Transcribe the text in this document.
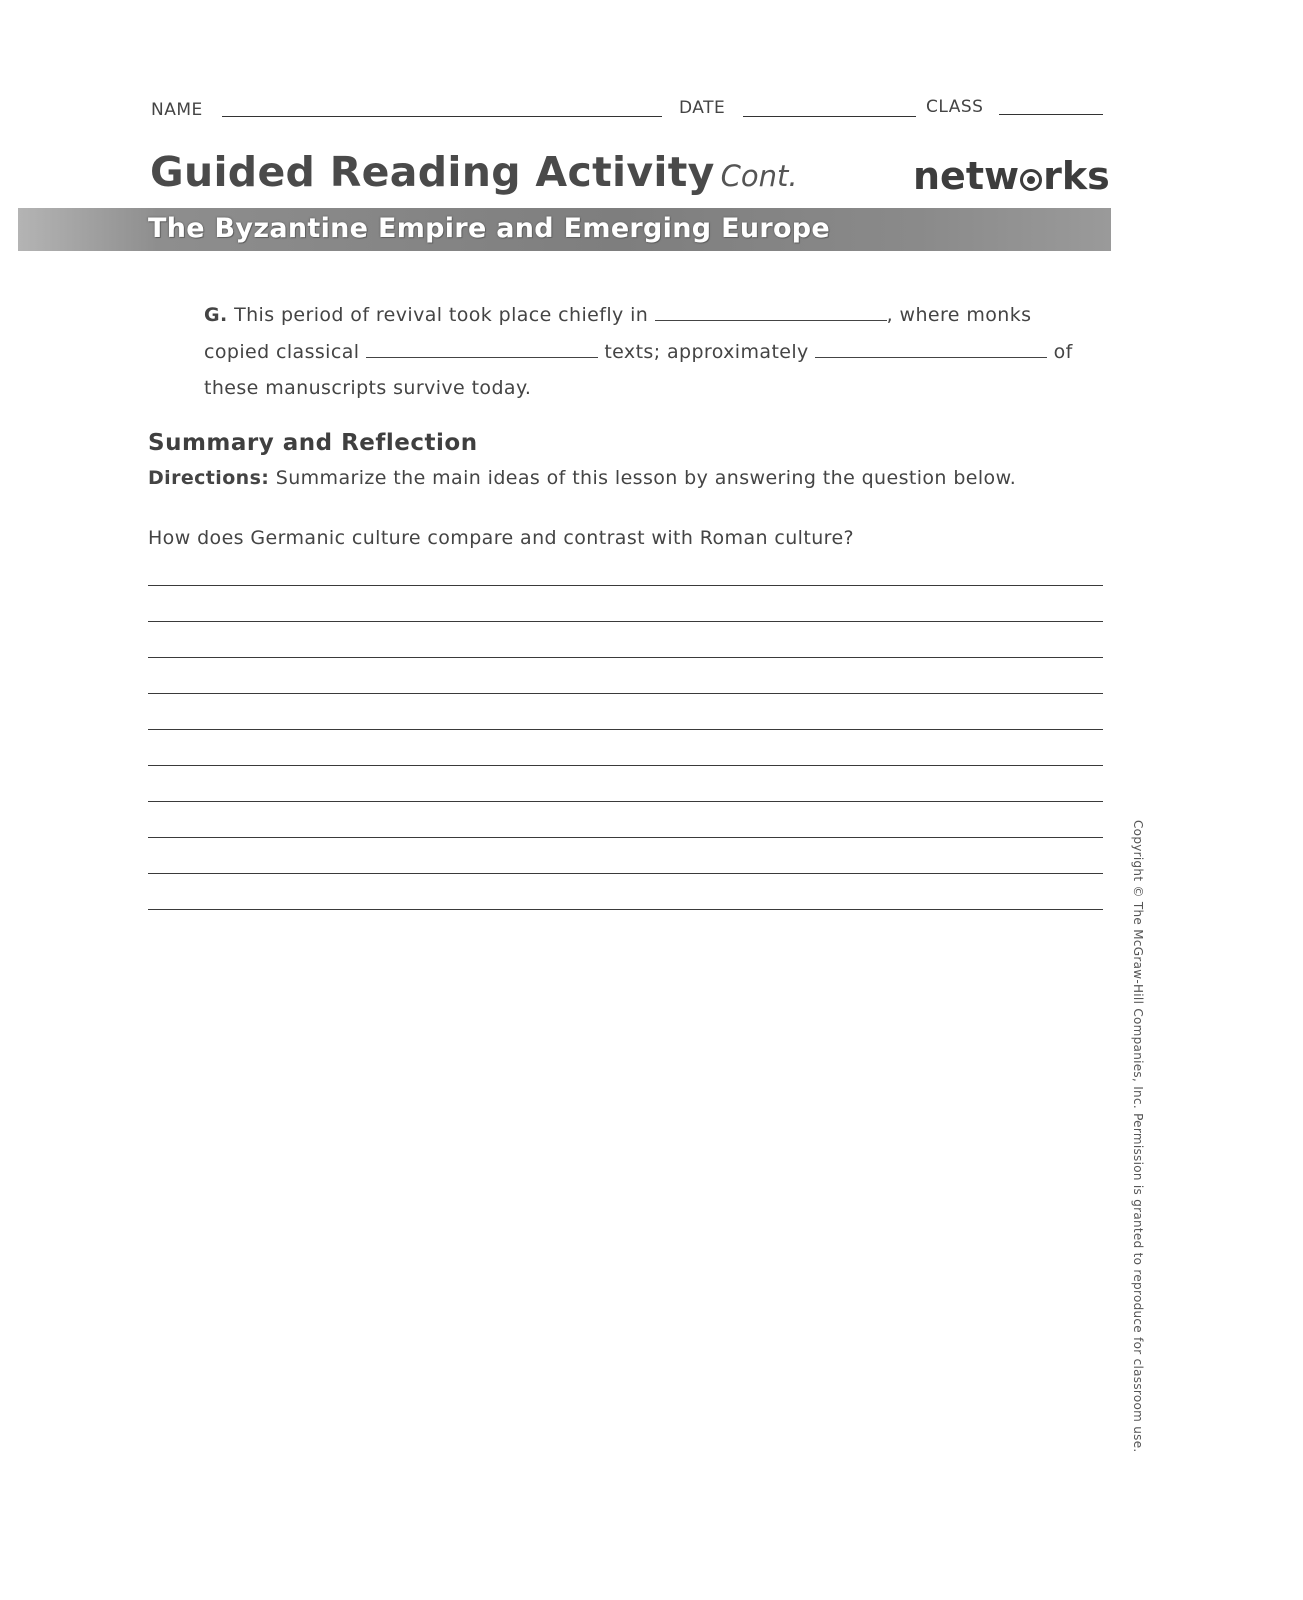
NAME	DATE	CLASS
Guided Reading Activity Cont.	netw rks
The Byzantine Empire and Emerging Europe
G. This period of revival took place chiefly in	, where monks
copied classical	texts; approximately	of
these manuscripts survive today.
Summary and Reflection
Directions: Summarize the main ideas of this lesson by answering the question below.
How does Germanic culture compare and contrast with Roman culture?
Copyright © The McGraw-Hill Companies, Inc. Permission is granted to reproduce for classroom use.
